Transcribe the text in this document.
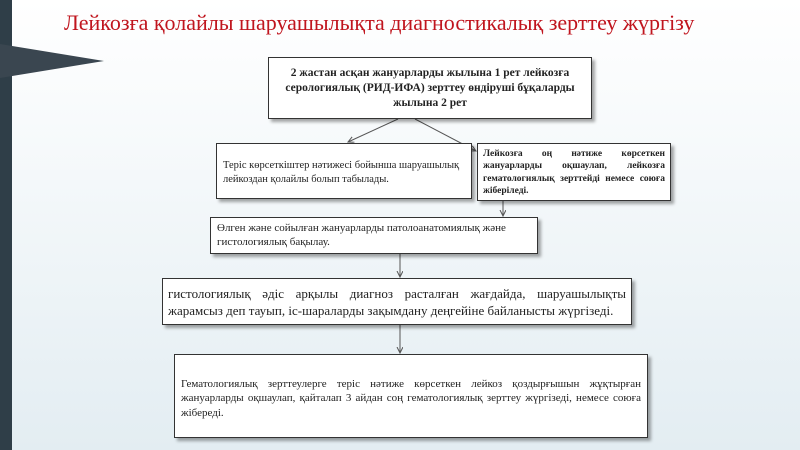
Лейкозға қолайлы шаруашылықта диагностикалық зерттеу жүргізу
2 жастан асқан жануарларды жылына 1 рет лейкозға серологиялық (РИД-ИФА) зерттеу өндіруші бұқаларды жылына 2 рет
Теріс көрсеткіштер нәтижесі бойынша шаруашылық лейкоздан қолайлы болып табылады.
Лейкозға оң нәтиже көрсеткен жануарларды оқшаулап, лейкозға гематологиялық зерттейді немесе союға жіберіледі.
Өлген және сойылған жануарларды патолоанатомиялық және гистологиялық бақылау.
гистологиялық әдіс арқылы диагноз расталған жағдайда, шаруашылықты жарамсыз деп тауып, іс-шараларды зақымдану деңгейіне байланысты жүргізеді.
Гематологиялық зерттеулерге теріс нәтиже көрсеткен лейкоз қоздырғышын жұқтырған жануарларды оқшаулап, қайталап 3 айдан соң гематологиялық зерттеу жүргізеді, немесе союға жібереді.
